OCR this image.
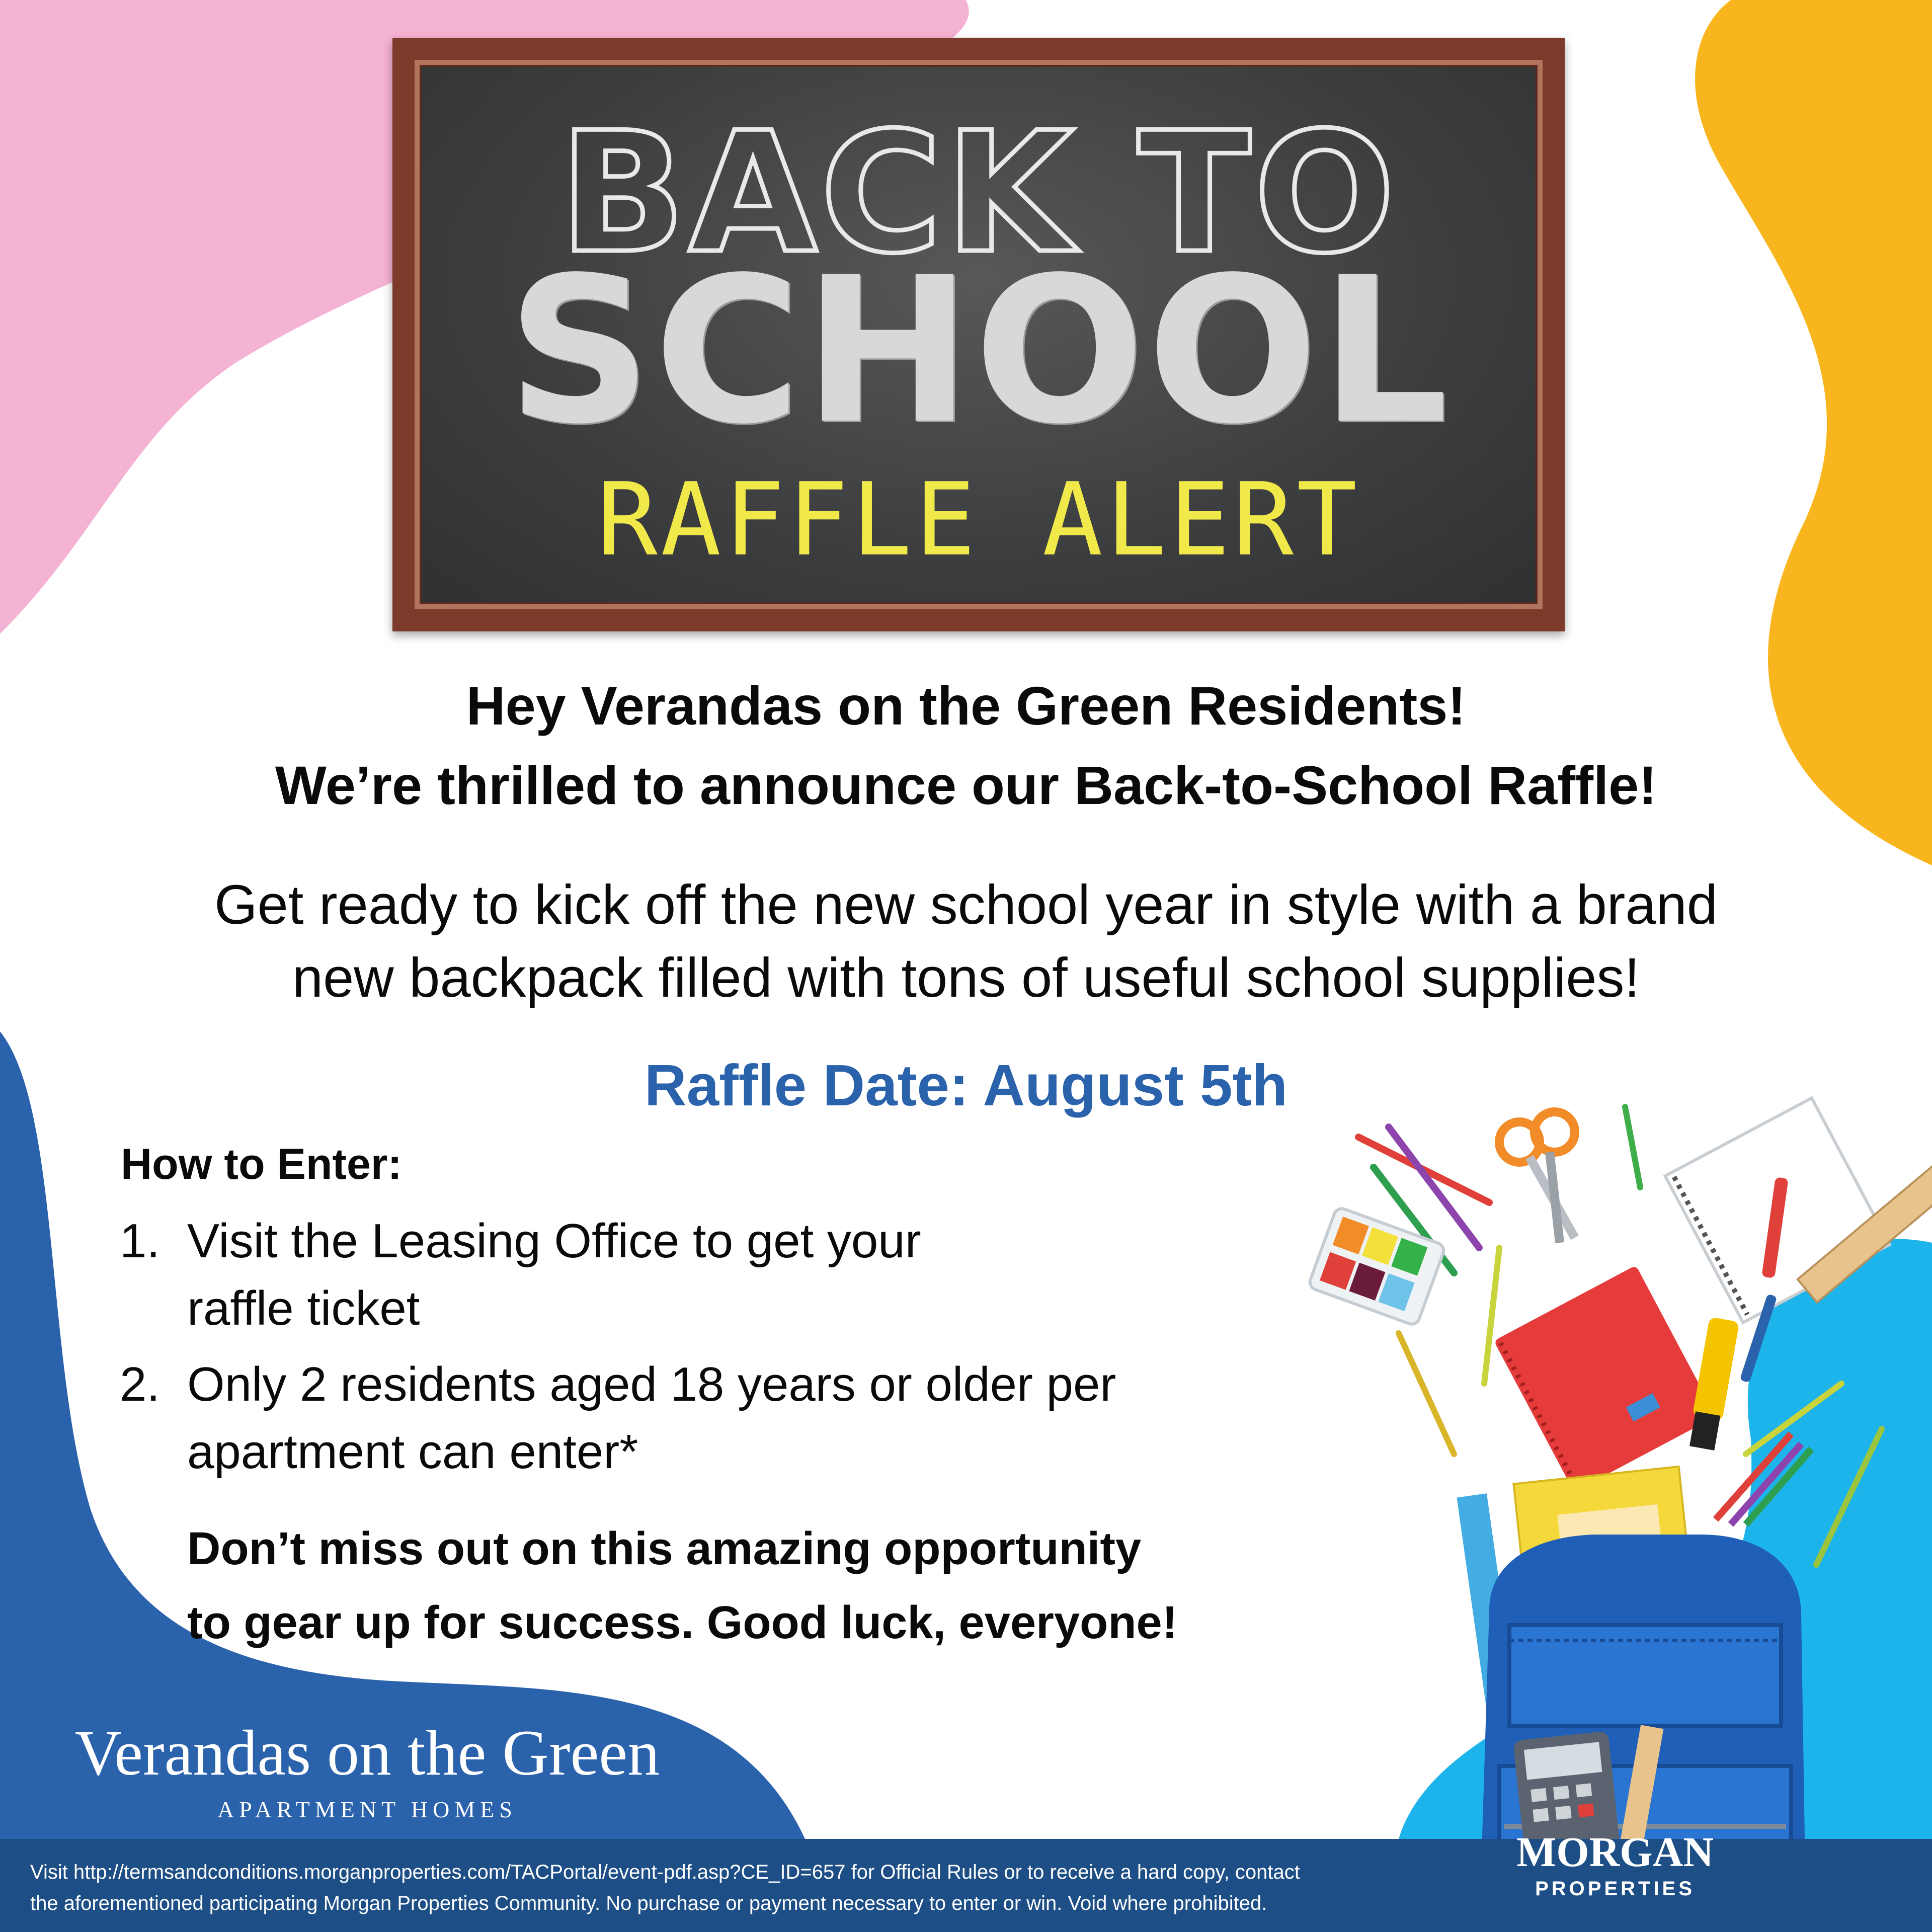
BACK TO
SCHOOL
RAFFLE ALERT
Hey Verandas on the Green Residents!
We’re thrilled to announce our Back-to-School Raffle!
Get ready to kick off the new school year in style with a brand
new backpack filled with tons of useful school supplies!
Raffle Date: August 5th
How to Enter:
1. Visit the Leasing Office to get your
raffle ticket
2. Only 2 residents aged 18 years or older per
apartment can enter*
Don’t miss out on this amazing opportunity
to gear up for success. Good luck, everyone!
Verandas on the Green
APARTMENT HOMES
Visit http://termsandconditions.morganproperties.com/TACPortal/event-pdf.asp?CE_ID=657 for Official Rules or to receive a hard copy, contact
the aforementioned participating Morgan Properties Community. No purchase or payment necessary to enter or win. Void where prohibited.
MORGAN
PROPERTIES
